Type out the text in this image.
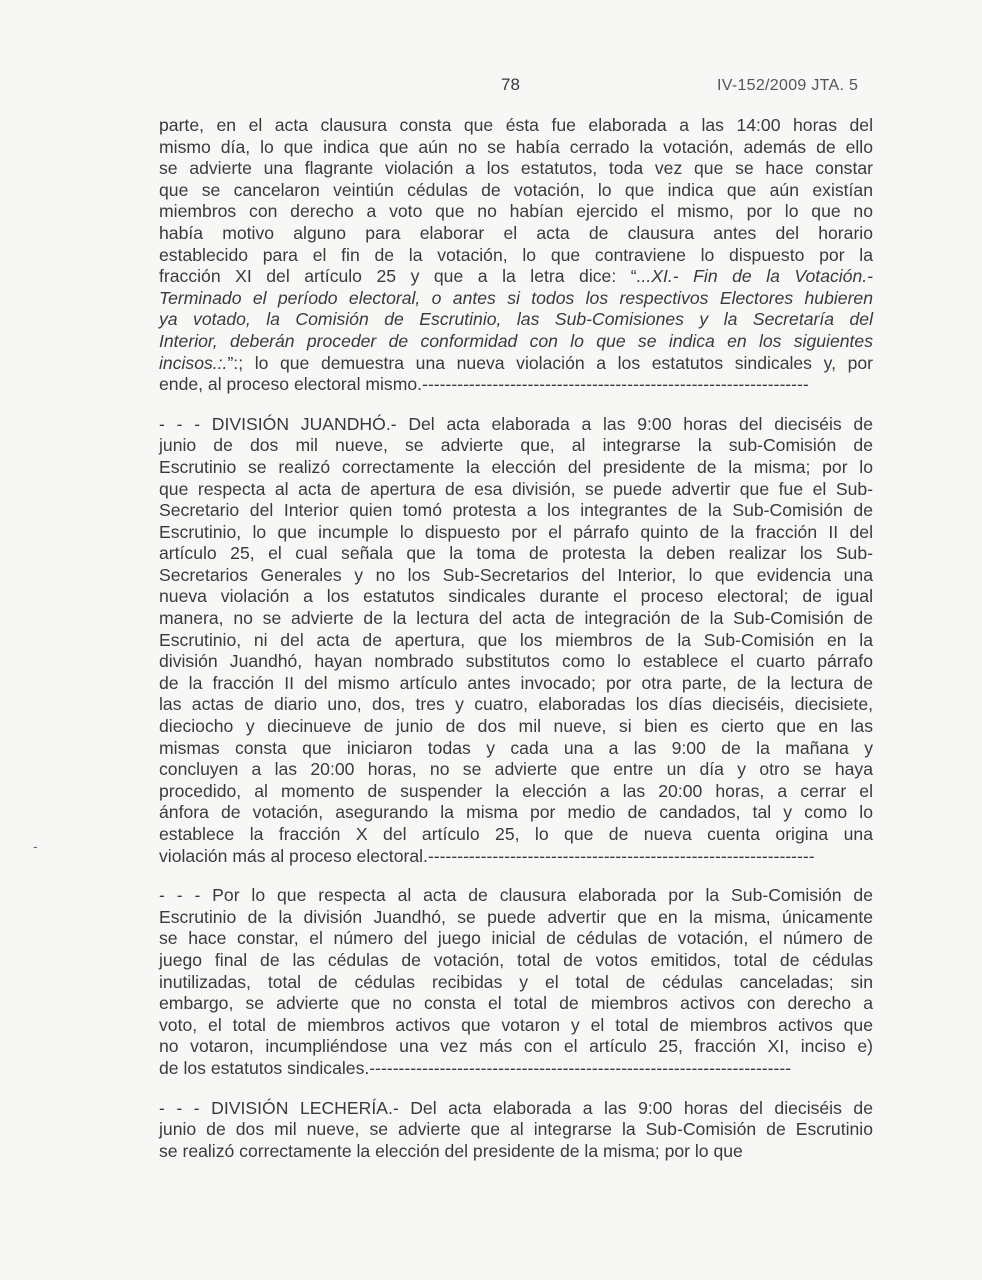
78	IV-152/2009 JTA. 5
-
parte, en el acta clausura consta que ésta fue elaborada a las 14:00 horas del
mismo día, lo que indica que aún no se había cerrado la votación, además de ello
se advierte una flagrante violación a los estatutos, toda vez que se hace constar
que se cancelaron veintiún cédulas de votación, lo que indica que aún existían
miembros con derecho a voto que no habían ejercido el mismo, por lo que no
había motivo alguno para elaborar el acta de clausura antes del horario
establecido para el fin de la votación, lo que contraviene lo dispuesto por la
fracción XI del artículo 25 y que a la letra dice: “...XI.- Fin de la Votación.-
Terminado el período electoral, o antes si todos los respectivos Electores hubieren
ya votado, la Comisión de Escrutinio, las Sub-Comisiones y la Secretaría del
Interior, deberán proceder de conformidad con lo que se indica en los siguientes
incisos.:.”:; lo que demuestra una nueva violación a los estatutos sindicales y, por
ende, al proceso electoral mismo.------------------------------------------------------------------
- - - DIVISIÓN JUANDHÓ.- Del acta elaborada a las 9:00 horas del dieciséis de
junio de dos mil nueve, se advierte que, al integrarse la sub-Comisión de
Escrutinio se realizó correctamente la elección del presidente de la misma; por lo
que respecta al acta de apertura de esa división, se puede advertir que fue el Sub-
Secretario del Interior quien tomó protesta a los integrantes de la Sub-Comisión de
Escrutinio, lo que incumple lo dispuesto por el párrafo quinto de la fracción II del
artículo 25, el cual señala que la toma de protesta la deben realizar los Sub-
Secretarios Generales y no los Sub-Secretarios del Interior, lo que evidencia una
nueva violación a los estatutos sindicales durante el proceso electoral; de igual
manera, no se advierte de la lectura del acta de integración de la Sub-Comisión de
Escrutinio, ni del acta de apertura, que los miembros de la Sub-Comisión en la
división Juandhó, hayan nombrado substitutos como lo establece el cuarto párrafo
de la fracción II del mismo artículo antes invocado; por otra parte, de la lectura de
las actas de diario uno, dos, tres y cuatro, elaboradas los días dieciséis, diecisiete,
dieciocho y diecinueve de junio de dos mil nueve, si bien es cierto que en las
mismas consta que iniciaron todas y cada una a las 9:00 de la mañana y
concluyen a las 20:00 horas, no se advierte que entre un día y otro se haya
procedido, al momento de suspender la elección a las 20:00 horas, a cerrar el
ánfora de votación, asegurando la misma por medio de candados, tal y como lo
establece la fracción X del artículo 25, lo que de nueva cuenta origina una
violación más al proceso electoral.------------------------------------------------------------------
- - - Por lo que respecta al acta de clausura elaborada por la Sub-Comisión de
Escrutinio de la división Juandhó, se puede advertir que en la misma, únicamente
se hace constar, el número del juego inicial de cédulas de votación, el número de
juego final de las cédulas de votación, total de votos emitidos, total de cédulas
inutilizadas, total de cédulas recibidas y el total de cédulas canceladas; sin
embargo, se advierte que no consta el total de miembros activos con derecho a
voto, el total de miembros activos que votaron y el total de miembros activos que
no votaron, incumpliéndose una vez más con el artículo 25, fracción XI, inciso e)
de los estatutos sindicales.------------------------------------------------------------------------
- - - DIVISIÓN LECHERÍA.- Del acta elaborada a las 9:00 horas del dieciséis de
junio de dos mil nueve, se advierte que al integrarse la Sub-Comisión de Escrutinio
se realizó correctamente la elección del presidente de la misma; por lo que
